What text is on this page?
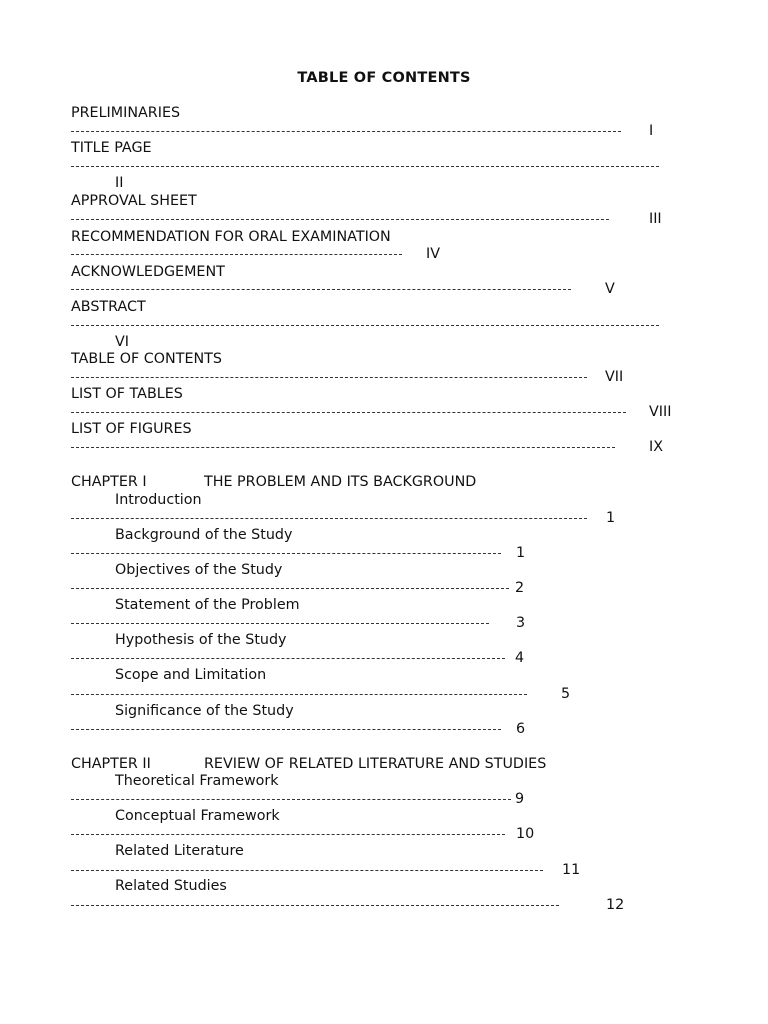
TABLE OF CONTENTS
PRELIMINARIES
I
TITLE PAGE
II
APPROVAL SHEET
III
RECOMMENDATION FOR ORAL EXAMINATION
IV
ACKNOWLEDGEMENT
V
ABSTRACT
VI
TABLE OF CONTENTS
VII
LIST OF TABLES
VIII
LIST OF FIGURES
IX
CHAPTER I	THE PROBLEM AND ITS BACKGROUND
Introduction
1
Background of the Study
1
Objectives of the Study
2
Statement of the Problem
3
Hypothesis of the Study
4
Scope and Limitation
5
Significance of the Study
6
CHAPTER II	REVIEW OF RELATED LITERATURE AND STUDIES
Theoretical Framework
9
Conceptual Framework
10
Related Literature
11
Related Studies
12
